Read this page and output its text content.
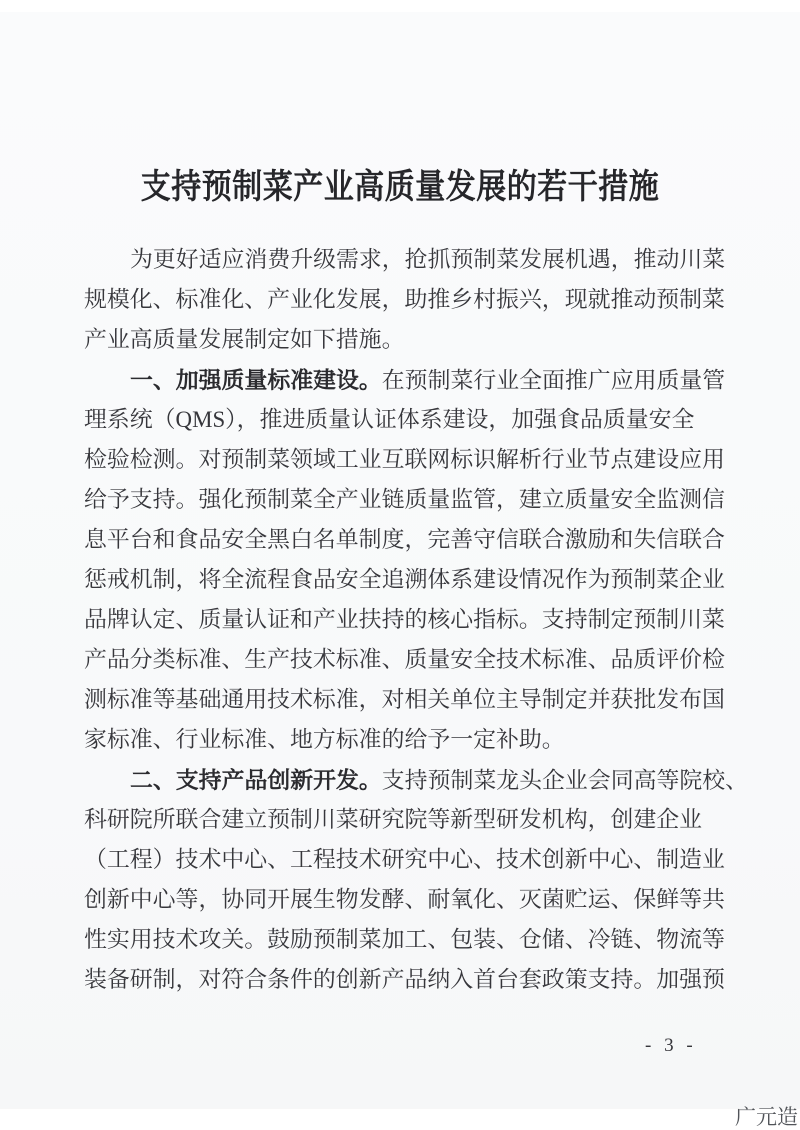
支持预制菜产业高质量发展的若干措施
为更好适应消费升级需求，抢抓预制菜发展机遇，推动川菜
规模化、标准化、产业化发展，助推乡村振兴，现就推动预制菜
产业高质量发展制定如下措施。
一、加强质量标准建设。在预制菜行业全面推广应用质量管
理系统（QMS），推进质量认证体系建设，加强食品质量安全
检验检测。对预制菜领域工业互联网标识解析行业节点建设应用
给予支持。强化预制菜全产业链质量监管，建立质量安全监测信
息平台和食品安全黑白名单制度，完善守信联合激励和失信联合
惩戒机制，将全流程食品安全追溯体系建设情况作为预制菜企业
品牌认定、质量认证和产业扶持的核心指标。支持制定预制川菜
产品分类标准、生产技术标准、质量安全技术标准、品质评价检
测标准等基础通用技术标准，对相关单位主导制定并获批发布国
家标准、行业标准、地方标准的给予一定补助。
二、支持产品创新开发。支持预制菜龙头企业会同高等院校、
科研院所联合建立预制川菜研究院等新型研发机构，创建企业
（工程）技术中心、工程技术研究中心、技术创新中心、制造业
创新中心等，协同开展生物发酵、耐氧化、灭菌贮运、保鲜等共
性实用技术攻关。鼓励预制菜加工、包装、仓储、冷链、物流等
装备研制，对符合条件的创新产品纳入首台套政策支持。加强预
- 3 -
广元造
